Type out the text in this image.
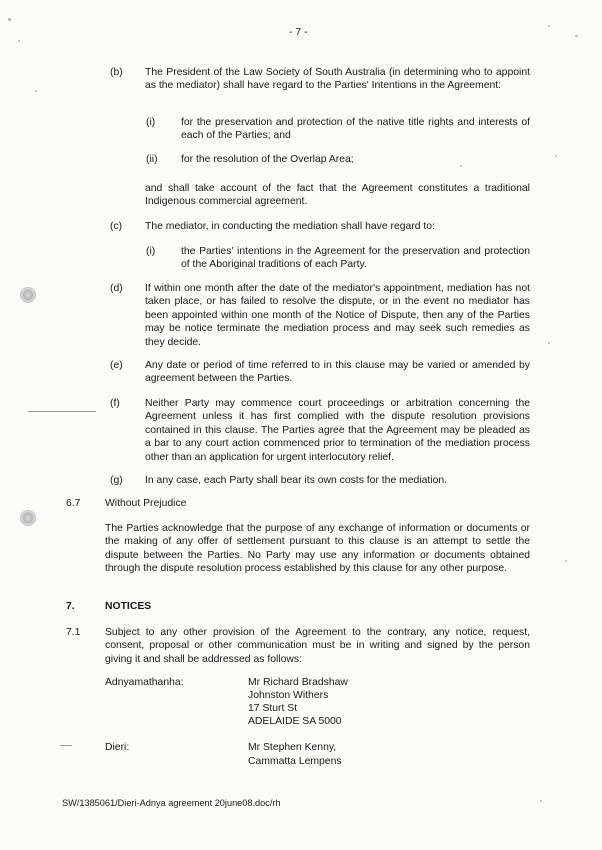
- 7 -
(b) The President of the Law Society of South Australia (in determining who to appoint as the mediator) shall have regard to the Parties' Intentions in the Agreement:
(i) for the preservation and protection of the native title rights and interests of each of the Parties; and
(ii) for the resolution of the Overlap Area;
and shall take account of the fact that the Agreement constitutes a traditional Indigenous commercial agreement.
(c) The mediator, in conducting the mediation shall have regard to:
(i) the Parties' intentions in the Agreement for the preservation and protection of the Aboriginal traditions of each Party.
(d) If within one month after the date of the mediator's appointment, mediation has not taken place, or has failed to resolve the dispute, or in the event no mediator has been appointed within one month of the Notice of Dispute, then any of the Parties may be notice terminate the mediation process and may seek such remedies as they decide.
(e) Any date or period of time referred to in this clause may be varied or amended by agreement between the Parties.
(f) Neither Party may commence court proceedings or arbitration concerning the Agreement unless it has first complied with the dispute resolution provisions contained in this clause. The Parties agree that the Agreement may be pleaded as a bar to any court action commenced prior to termination of the mediation process other than an application for urgent interlocutory relief.
(g) In any case, each Party shall bear its own costs for the mediation.
6.7 Without Prejudice
The Parties acknowledge that the purpose of any exchange of information or documents or the making of any offer of settlement pursuant to this clause is an attempt to settle the dispute between the Parties. No Party may use any information or documents obtained through the dispute resolution process established by this clause for any other purpose.
7.	NOTICES
7.1 Subject to any other provision of the Agreement to the contrary, any notice, request, consent, proposal or other communication must be in writing and signed by the person giving it and shall be addressed as follows:
Adnyamathanha:	Mr Richard Bradshaw
Johnston Withers
17 Sturt St
ADELAIDE SA 5000
Dieri:	Mr Stephen Kenny,
Cammatta Lempens
SW/1385061/Dieri-Adnya agreement 20june08.doc/rh
